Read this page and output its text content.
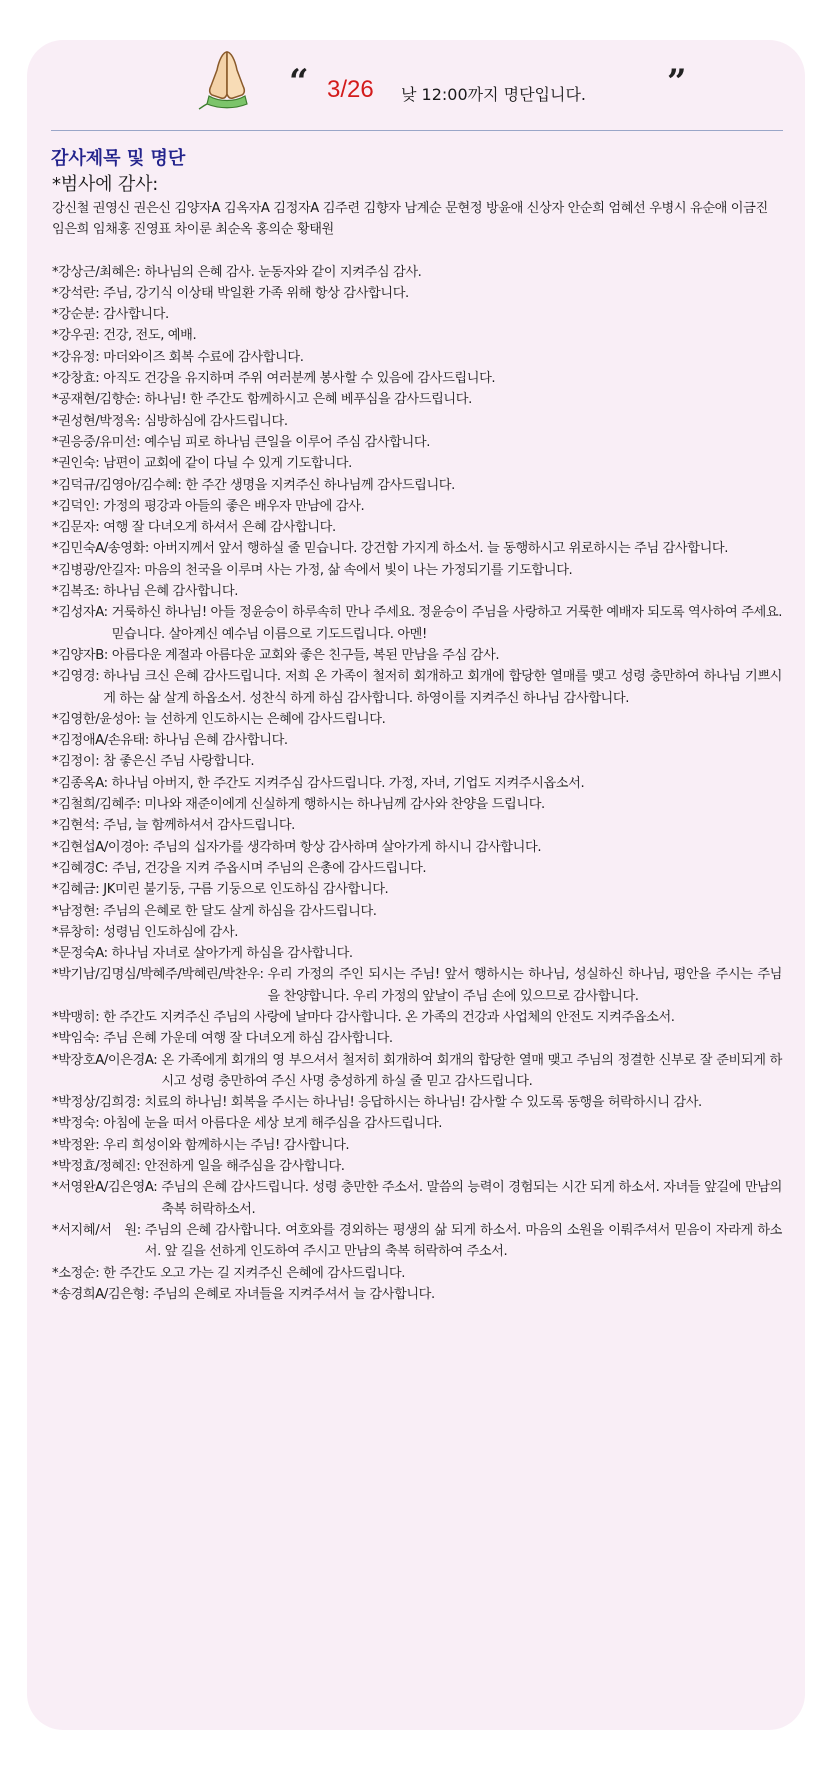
“ 3/26 낮 12:00까지 명단입니다. ”
감사제목 및 명단
*범사에 감사:
강신철 권영신 권은신 김양자A 김옥자A 김정자A 김주련 김향자 남계순 문현정 방윤애 신상자 안순희 엄혜선 우병시 유순애 이금진 임은희 임채홍 진영표 차이룬 최순옥 홍의순 황태원
*강상근/최혜은: 하나님의 은혜 감사. 눈동자와 같이 지켜주심 감사.
*강석란: 주님, 강기식 이상태 박일환 가족 위해 항상 감사합니다.
*강순분: 감사합니다.
*강우권: 건강, 전도, 예배.
*강유정: 마더와이즈 회복 수료에 감사합니다.
*강창효: 아직도 건강을 유지하며 주위 여러분께 봉사할 수 있음에 감사드립니다.
*공재현/김향순: 하나님! 한 주간도 함께하시고 은혜 베푸심을 감사드립니다.
*권성현/박정옥: 심방하심에 감사드립니다.
*권응중/유미선: 예수님 피로 하나님 큰일을 이루어 주심 감사합니다.
*권인숙: 남편이 교회에 같이 다닐 수 있게 기도합니다.
*김덕규/김영아/김수혜: 한 주간 생명을 지켜주신 하나님께 감사드립니다.
*김덕인: 가정의 평강과 아들의 좋은 배우자 만남에 감사.
*김문자: 여행 잘 다녀오게 하셔서 은혜 감사합니다.
*김민숙A/송영화: 아버지께서 앞서 행하실 줄 믿습니다. 강건함 가지게 하소서. 늘 동행하시고 위로하시는 주님 감사합니다.
*김병광/안길자: 마음의 천국을 이루며 사는 가정, 삶 속에서 빛이 나는 가정되기를 기도합니다.
*김복조: 하나님 은혜 감사합니다.
*김성자A: 거룩하신 하나님! 아들 정윤승이 하루속히 만나 주세요. 정윤승이 주님을 사랑하고 거룩한 예배자 되도록 역사하여 주세요. 믿습니다. 살아계신 예수님 이름으로 기도드립니다. 아멘!
*김양자B: 아름다운 계절과 아름다운 교회와 좋은 친구들, 복된 만남을 주심 감사.
*김영경: 하나님 크신 은혜 감사드립니다. 저희 온 가족이 철저히 회개하고 회개에 합당한 열매를 맺고 성령 충만하여 하나님 기쁘시게 하는 삶 살게 하옵소서. 성찬식 하게 하심 감사합니다. 하영이를 지켜주신 하나님 감사합니다.
*김영한/윤성아: 늘 선하게 인도하시는 은혜에 감사드립니다.
*김정애A/손유태: 하나님 은혜 감사합니다.
*김정이: 참 좋은신 주님 사랑합니다.
*김종옥A: 하나님 아버지, 한 주간도 지켜주심 감사드립니다. 가정, 자녀, 기업도 지켜주시옵소서.
*김철희/김혜주: 미나와 재준이에게 신실하게 행하시는 하나님께 감사와 찬양을 드립니다.
*김현석: 주님, 늘 함께하셔서 감사드립니다.
*김현섭A/이경아: 주님의 십자가를 생각하며 항상 감사하며 살아가게 하시니 감사합니다.
*김혜경C: 주님, 건강을 지켜 주옵시며 주님의 은총에 감사드립니다.
*김혜금: JK미린 불기둥, 구름 기둥으로 인도하심 감사합니다.
*남정현: 주님의 은혜로 한 달도 살게 하심을 감사드립니다.
*류창히: 성령님 인도하심에 감사.
*문정숙A: 하나님 자녀로 살아가게 하심을 감사합니다.
*박기남/김명심/박혜주/박혜린/박찬우: 우리 가정의 주인 되시는 주님! 앞서 행하시는 하나님, 성실하신 하나님, 평안을 주시는 주님을 찬양합니다. 우리 가정의 앞날이 주님 손에 있으므로 감사합니다.
*박맹히: 한 주간도 지켜주신 주님의 사랑에 날마다 감사합니다. 온 가족의 건강과 사업체의 안전도 지켜주옵소서.
*박임숙: 주님 은혜 가운데 여행 잘 다녀오게 하심 감사합니다.
*박장호A/이은경A: 온 가족에게 회개의 영 부으셔서 철저히 회개하여 회개의 합당한 열매 맺고 주님의 정결한 신부로 잘 준비되게 하시고 성령 충만하여 주신 사명 충성하게 하실 줄 믿고 감사드립니다.
*박정상/김희경: 치료의 하나님! 회복을 주시는 하나님! 응답하시는 하나님! 감사할 수 있도록 동행을 허락하시니 감사.
*박정숙: 아침에 눈을 떠서 아름다운 세상 보게 해주심을 감사드립니다.
*박정완: 우리 희성이와 함께하시는 주님! 감사합니다.
*박정효/정혜진: 안전하게 일을 해주심을 감사합니다.
*서영완A/김은영A: 주님의 은혜 감사드립니다. 성령 충만한 주소서. 말씀의 능력이 경험되는 시간 되게 하소서. 자녀들 앞길에 만남의 축복 허락하소서.
*서지혜/서　원: 주님의 은혜 감사합니다. 여호와를 경외하는 평생의 삶 되게 하소서. 마음의 소원을 이뤄주셔서 믿음이 자라게 하소서. 앞 길을 선하게 인도하여 주시고 만남의 축복 허락하여 주소서.
*소정순: 한 주간도 오고 가는 길 지켜주신 은혜에 감사드립니다.
*송경희A/김은형: 주님의 은혜로 자녀들을 지켜주셔서 늘 감사합니다.
